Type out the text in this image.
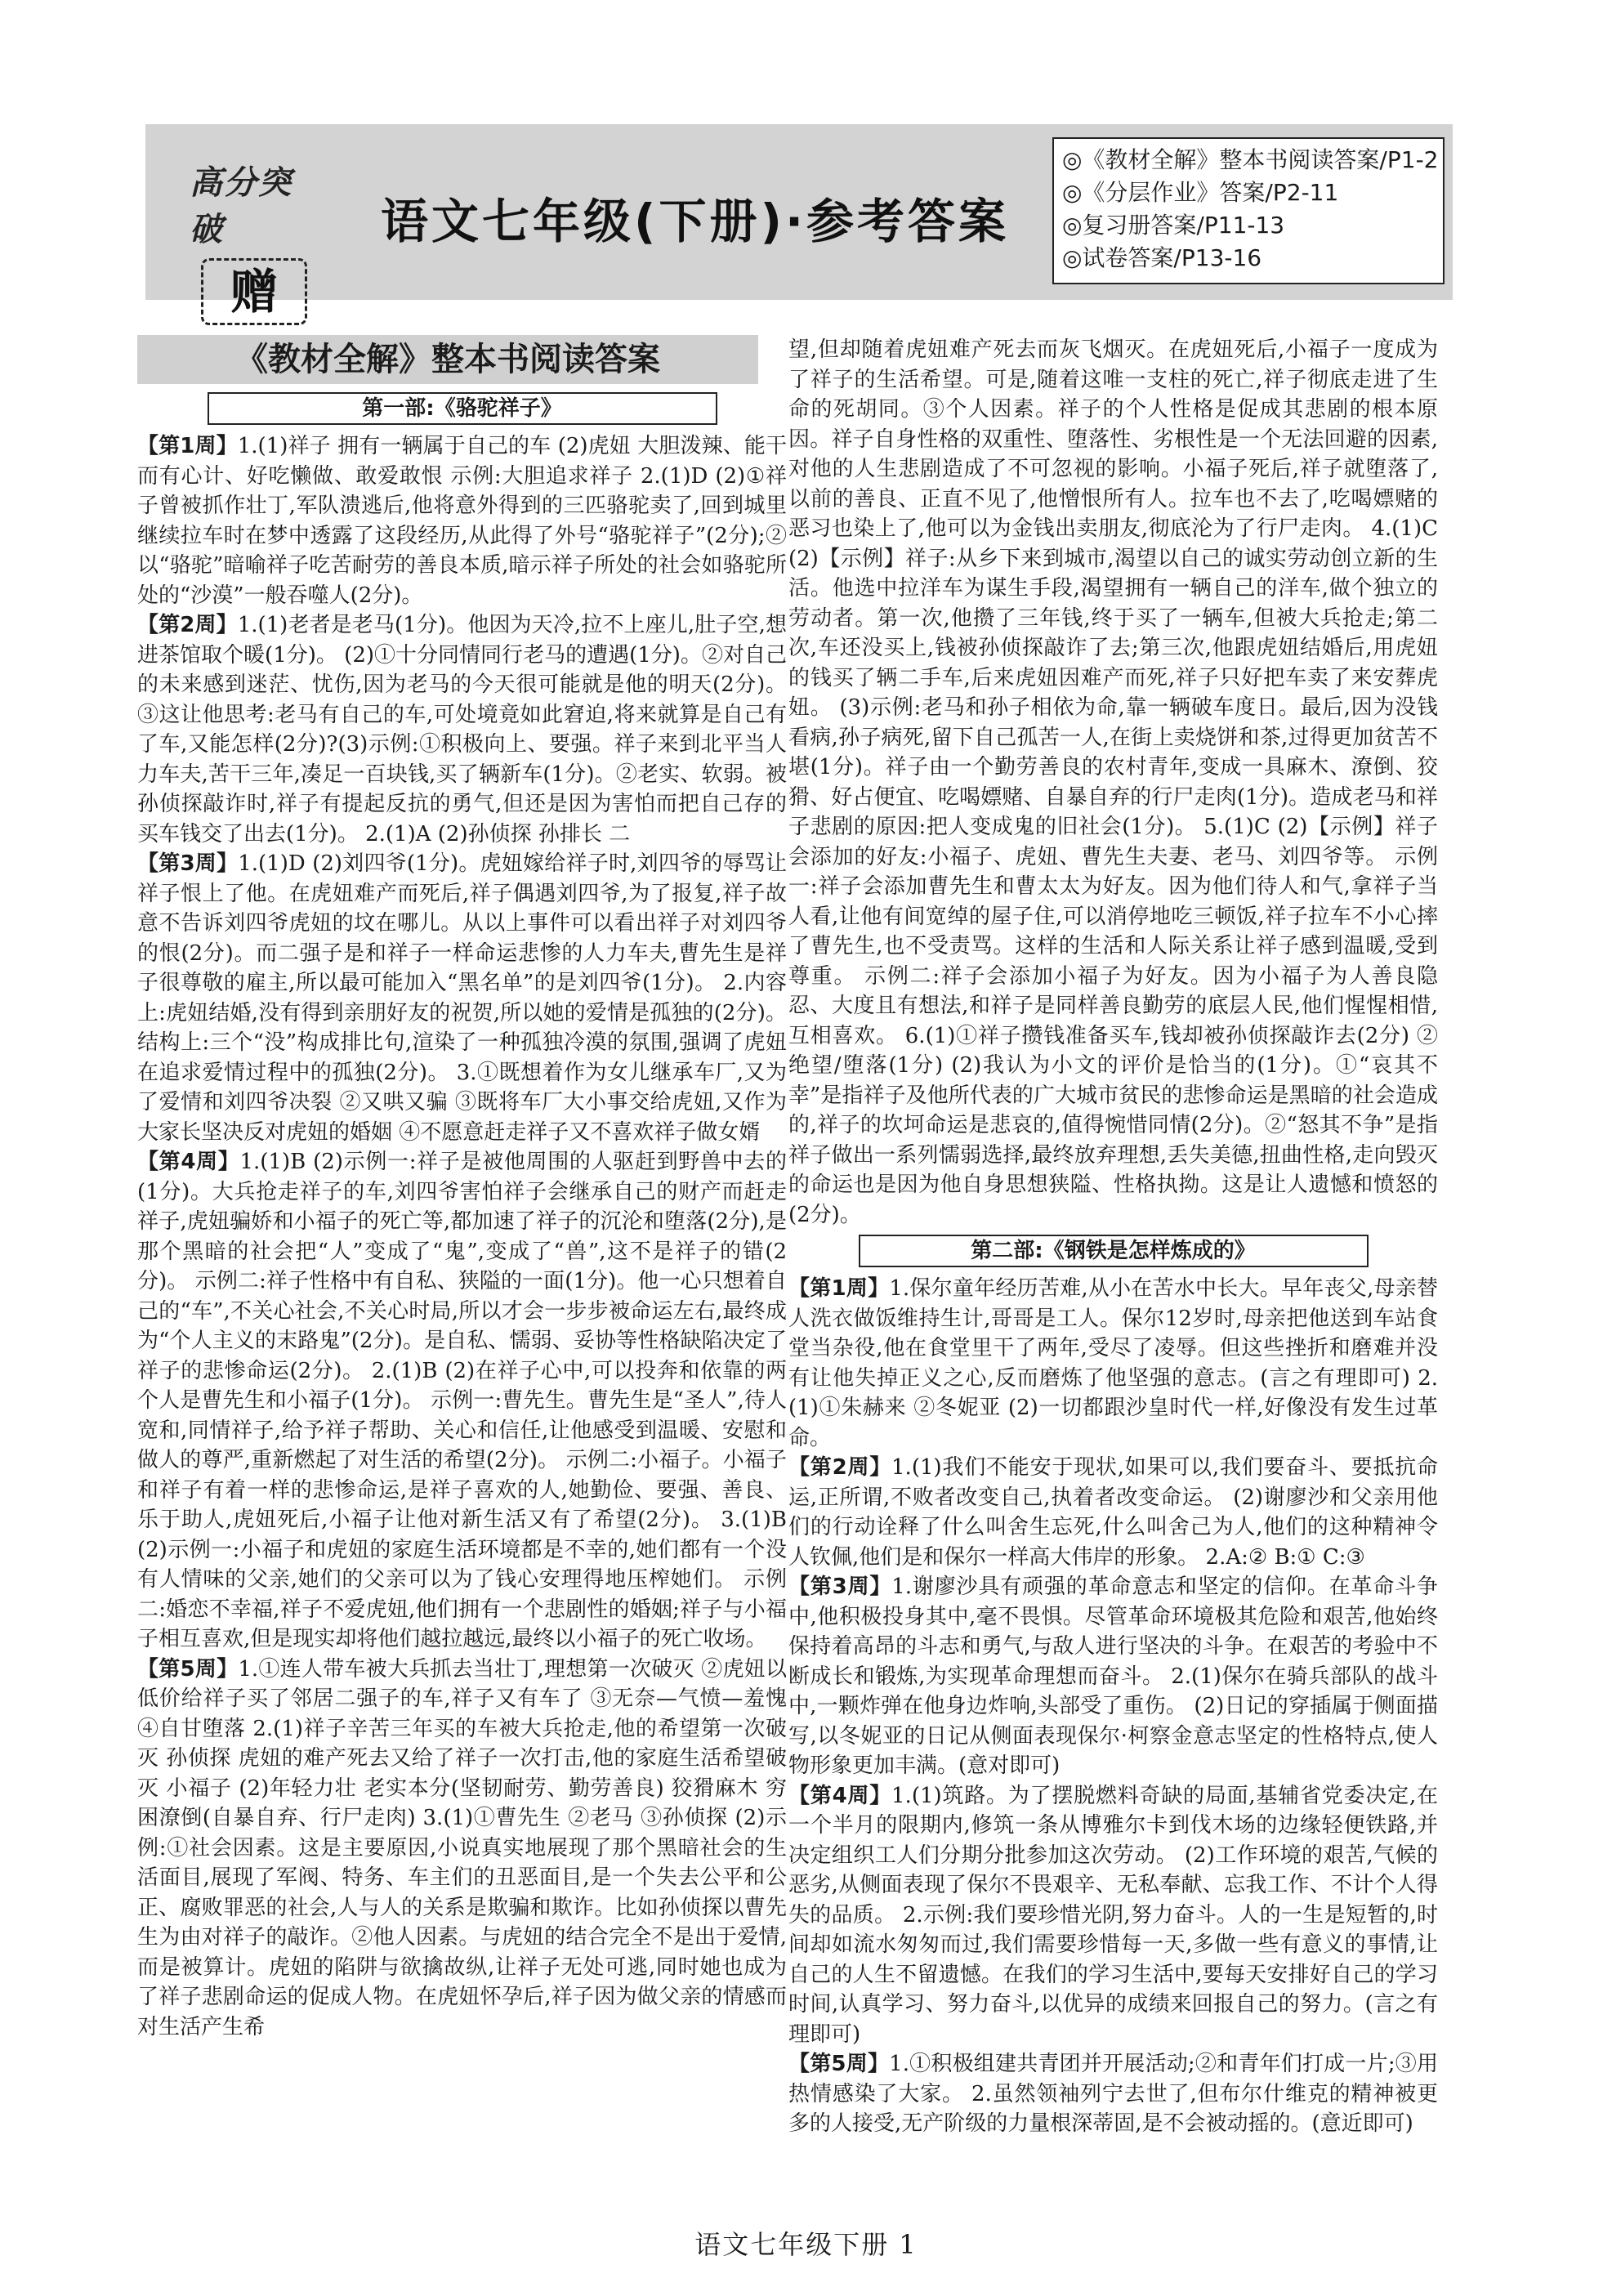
高分突破
赠
语文七年级(下册)·参考答案
◎《教材全解》整本书阅读答案/P1-2
◎《分层作业》答案/P2-11
◎复习册答案/P11-13
◎试卷答案/P13-16
《教材全解》整本书阅读答案
第一部:《骆驼祥子》

【第1周】1.(1)祥子 拥有一辆属于自己的车 (2)虎妞 大胆泼辣、能干而有心计、好吃懒做、敢爱敢恨 示例:大胆追求祥子 2.(1)D (2)①祥子曾被抓作壮丁,军队溃逃后,他将意外得到的三匹骆驼卖了,回到城里继续拉车时在梦中透露了这段经历,从此得了外号“骆驼祥子”(2分);②以“骆驼”暗喻祥子吃苦耐劳的善良本质,暗示祥子所处的社会如骆驼所处的“沙漠”一般吞噬人(2分)。

【第2周】1.(1)老者是老马(1分)。他因为天冷,拉不上座儿,肚子空,想进茶馆取个暖(1分)。 (2)①十分同情同行老马的遭遇(1分)。②对自己的未来感到迷茫、忧伤,因为老马的今天很可能就是他的明天(2分)。③这让他思考:老马有自己的车,可处境竟如此窘迫,将来就算是自己有了车,又能怎样(2分)?(3)示例:①积极向上、要强。祥子来到北平当人力车夫,苦干三年,凑足一百块钱,买了辆新车(1分)。②老实、软弱。被孙侦探敲诈时,祥子有提起反抗的勇气,但还是因为害怕而把自己存的买车钱交了出去(1分)。 2.(1)A (2)孙侦探 孙排长 二

【第3周】1.(1)D (2)刘四爷(1分)。虎妞嫁给祥子时,刘四爷的辱骂让祥子恨上了他。在虎妞难产而死后,祥子偶遇刘四爷,为了报复,祥子故意不告诉刘四爷虎妞的坟在哪儿。从以上事件可以看出祥子对刘四爷的恨(2分)。而二强子是和祥子一样命运悲惨的人力车夫,曹先生是祥子很尊敬的雇主,所以最可能加入“黑名单”的是刘四爷(1分)。 2.内容上:虎妞结婚,没有得到亲朋好友的祝贺,所以她的爱情是孤独的(2分)。结构上:三个“没”构成排比句,渲染了一种孤独冷漠的氛围,强调了虎妞在追求爱情过程中的孤独(2分)。 3.①既想着作为女儿继承车厂,又为了爱情和刘四爷决裂 ②又哄又骗 ③既将车厂大小事交给虎妞,又作为大家长坚决反对虎妞的婚姻 ④不愿意赶走祥子又不喜欢祥子做女婿

【第4周】1.(1)B (2)示例一:祥子是被他周围的人驱赶到野兽中去的(1分)。大兵抢走祥子的车,刘四爷害怕祥子会继承自己的财产而赶走祥子,虎妞骗娇和小福子的死亡等,都加速了祥子的沉沦和堕落(2分),是那个黑暗的社会把“人”变成了“鬼”,变成了“兽”,这不是祥子的错(2分)。 示例二:祥子性格中有自私、狭隘的一面(1分)。他一心只想着自己的“车”,不关心社会,不关心时局,所以才会一步步被命运左右,最终成为“个人主义的末路鬼”(2分)。是自私、懦弱、妥协等性格缺陷决定了祥子的悲惨命运(2分)。 2.(1)B (2)在祥子心中,可以投奔和依靠的两个人是曹先生和小福子(1分)。 示例一:曹先生。曹先生是“圣人”,待人宽和,同情祥子,给予祥子帮助、关心和信任,让他感受到温暖、安慰和做人的尊严,重新燃起了对生活的希望(2分)。 示例二:小福子。小福子和祥子有着一样的悲惨命运,是祥子喜欢的人,她勤俭、要强、善良、乐于助人,虎妞死后,小福子让他对新生活又有了希望(2分)。 3.(1)B (2)示例一:小福子和虎妞的家庭生活环境都是不幸的,她们都有一个没有人情味的父亲,她们的父亲可以为了钱心安理得地压榨她们。 示例二:婚恋不幸福,祥子不爱虎妞,他们拥有一个悲剧性的婚姻;祥子与小福子相互喜欢,但是现实却将他们越拉越远,最终以小福子的死亡收场。

【第5周】1.①连人带车被大兵抓去当壮丁,理想第一次破灭 ②虎妞以低价给祥子买了邻居二强子的车,祥子又有车了 ③无奈—气愤—羞愧 ④自甘堕落 2.(1)祥子辛苦三年买的车被大兵抢走,他的希望第一次破灭 孙侦探 虎妞的难产死去又给了祥子一次打击,他的家庭生活希望破灭 小福子 (2)年轻力壮 老实本分(坚韧耐劳、勤劳善良) 狡猾麻木 穷困潦倒(自暴自弃、行尸走肉) 3.(1)①曹先生 ②老马 ③孙侦探 (2)示例:①社会因素。这是主要原因,小说真实地展现了那个黑暗社会的生活面目,展现了军阀、特务、车主们的丑恶面目,是一个失去公平和公正、腐败罪恶的社会,人与人的关系是欺骗和欺诈。比如孙侦探以曹先生为由对祥子的敲诈。②他人因素。与虎妞的结合完全不是出于爱情,而是被算计。虎妞的陷阱与欲擒故纵,让祥子无处可逃,同时她也成为了祥子悲剧命运的促成人物。在虎妞怀孕后,祥子因为做父亲的情感而对生活产生希

望,但却随着虎妞难产死去而灰飞烟灭。在虎妞死后,小福子一度成为了祥子的生活希望。可是,随着这唯一支柱的死亡,祥子彻底走进了生命的死胡同。③个人因素。祥子的个人性格是促成其悲剧的根本原因。祥子自身性格的双重性、堕落性、劣根性是一个无法回避的因素,对他的人生悲剧造成了不可忽视的影响。小福子死后,祥子就堕落了,以前的善良、正直不见了,他憎恨所有人。拉车也不去了,吃喝嫖赌的恶习也染上了,他可以为金钱出卖朋友,彻底沦为了行尸走肉。 4.(1)C (2)【示例】祥子:从乡下来到城市,渴望以自己的诚实劳动创立新的生活。他选中拉洋车为谋生手段,渴望拥有一辆自己的洋车,做个独立的劳动者。第一次,他攒了三年钱,终于买了一辆车,但被大兵抢走;第二次,车还没买上,钱被孙侦探敲诈了去;第三次,他跟虎妞结婚后,用虎妞的钱买了辆二手车,后来虎妞因难产而死,祥子只好把车卖了来安葬虎妞。 (3)示例:老马和孙子相依为命,靠一辆破车度日。最后,因为没钱看病,孙子病死,留下自己孤苦一人,在街上卖烧饼和茶,过得更加贫苦不堪(1分)。祥子由一个勤劳善良的农村青年,变成一具麻木、潦倒、狡猾、好占便宜、吃喝嫖赌、自暴自弃的行尸走肉(1分)。造成老马和祥子悲剧的原因:把人变成鬼的旧社会(1分)。 5.(1)C (2)【示例】祥子会添加的好友:小福子、虎妞、曹先生夫妻、老马、刘四爷等。 示例一:祥子会添加曹先生和曹太太为好友。因为他们待人和气,拿祥子当人看,让他有间宽绰的屋子住,可以消停地吃三顿饭,祥子拉车不小心摔了曹先生,也不受责骂。这样的生活和人际关系让祥子感到温暖,受到尊重。 示例二:祥子会添加小福子为好友。因为小福子为人善良隐忍、大度且有想法,和祥子是同样善良勤劳的底层人民,他们惺惺相惜,互相喜欢。 6.(1)①祥子攒钱准备买车,钱却被孙侦探敲诈去(2分) ②绝望/堕落(1分) (2)我认为小文的评价是恰当的(1分)。①“哀其不幸”是指祥子及他所代表的广大城市贫民的悲惨命运是黑暗的社会造成的,祥子的坎坷命运是悲哀的,值得惋惜同情(2分)。②“怒其不争”是指祥子做出一系列懦弱选择,最终放弃理想,丢失美德,扭曲性格,走向毁灭的命运也是因为他自身思想狭隘、性格执拗。这是让人遗憾和愤怒的(2分)。

第二部:《钢铁是怎样炼成的》

【第1周】1.保尔童年经历苦难,从小在苦水中长大。早年丧父,母亲替人洗衣做饭维持生计,哥哥是工人。保尔12岁时,母亲把他送到车站食堂当杂役,他在食堂里干了两年,受尽了凌辱。但这些挫折和磨难并没有让他失掉正义之心,反而磨炼了他坚强的意志。(言之有理即可) 2.(1)①朱赫来 ②冬妮亚 (2)一切都跟沙皇时代一样,好像没有发生过革命。

【第2周】1.(1)我们不能安于现状,如果可以,我们要奋斗、要抵抗命运,正所谓,不败者改变自己,执着者改变命运。 (2)谢廖沙和父亲用他们的行动诠释了什么叫舍生忘死,什么叫舍己为人,他们的这种精神令人钦佩,他们是和保尔一样高大伟岸的形象。 2.A:② B:① C:③

【第3周】1.谢廖沙具有顽强的革命意志和坚定的信仰。在革命斗争中,他积极投身其中,毫不畏惧。尽管革命环境极其危险和艰苦,他始终保持着高昂的斗志和勇气,与敌人进行坚决的斗争。在艰苦的考验中不断成长和锻炼,为实现革命理想而奋斗。 2.(1)保尔在骑兵部队的战斗中,一颗炸弹在他身边炸响,头部受了重伤。 (2)日记的穿插属于侧面描写,以冬妮亚的日记从侧面表现保尔·柯察金意志坚定的性格特点,使人物形象更加丰满。(意对即可)

【第4周】1.(1)筑路。为了摆脱燃料奇缺的局面,基辅省党委决定,在一个半月的限期内,修筑一条从博雅尔卡到伐木场的边缘轻便铁路,并决定组织工人们分期分批参加这次劳动。 (2)工作环境的艰苦,气候的恶劣,从侧面表现了保尔不畏艰辛、无私奉献、忘我工作、不计个人得失的品质。 2.示例:我们要珍惜光阴,努力奋斗。人的一生是短暂的,时间却如流水匆匆而过,我们需要珍惜每一天,多做一些有意义的事情,让自己的人生不留遗憾。在我们的学习生活中,要每天安排好自己的学习时间,认真学习、努力奋斗,以优异的成绩来回报自己的努力。(言之有理即可)

【第5周】1.①积极组建共青团并开展活动;②和青年们打成一片;③用热情感染了大家。 2.虽然领袖列宁去世了,但布尔什维克的精神被更多的人接受,无产阶级的力量根深蒂固,是不会被动摇的。(意近即可)

语文七年级下册 1
